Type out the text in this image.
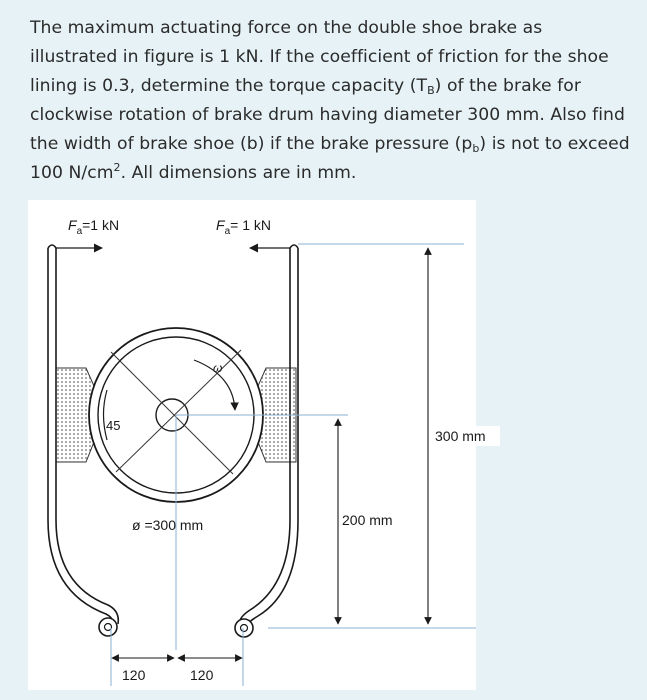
The maximum actuating force on the double shoe brake as illustrated in figure is 1 kN. If the coefficient of friction for the shoe lining is 0.3, determine the torque capacity $(T_B)$ of the brake for clockwise rotation of brake drum having diameter 300 mm. Also find the width of brake shoe (b) if the brake pressure $(p_b)$ is not to exceed 100 $N/cm^2$. All dimensions are in mm.
$F_a=1$ kN	$F_a= 1$ kN
ω
45
300 mm
200 mm
ø =300 mm
120	120
